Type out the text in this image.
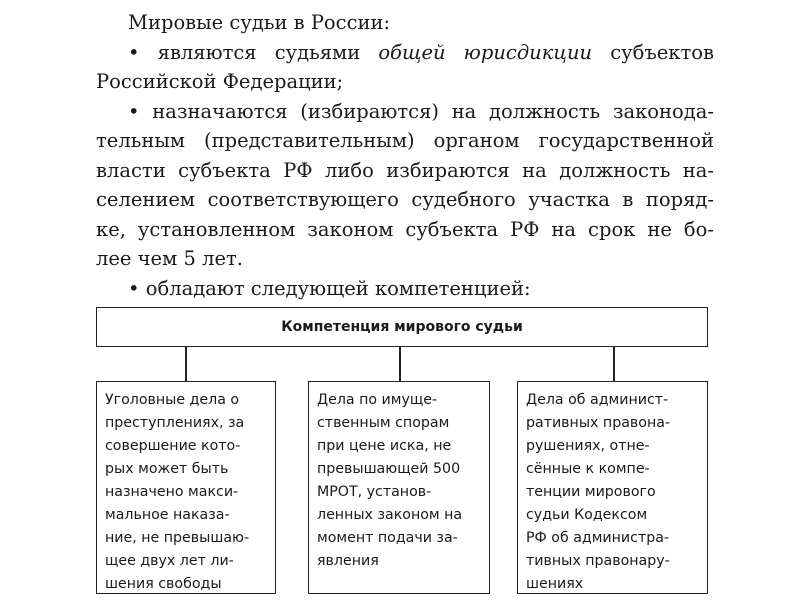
Мировые судьи в России:
• являются судьями общей юрисдикции субъектов
Российской Федерации;
• назначаются (избираются) на должность законода-
тельным (представительным) органом государственной
власти субъекта РФ либо избираются на должность на-
селением соответствующего судебного участка в поряд-
ке, установленном законом субъекта РФ на срок не бо-
лее чем 5 лет.
• обладают следующей компетенцией:
Компетенция мирового судьи
Уголовные дела о
преступлениях, за
совершение кото-
рых может быть
назначено макси-
мальное наказа-
ние, не превышаю-
щее двух лет ли-
шения свободы
Дела по имуще-
ственным спорам
при цене иска, не
превышающей 500
МРОТ, установ-
ленных законом на
момент подачи за-
явления
Дела об админист-
ративных правона-
рушениях, отне-
сённые к компе-
тенции мирового
судьи Кодексом
РФ об администра-
тивных правонару-
шениях
